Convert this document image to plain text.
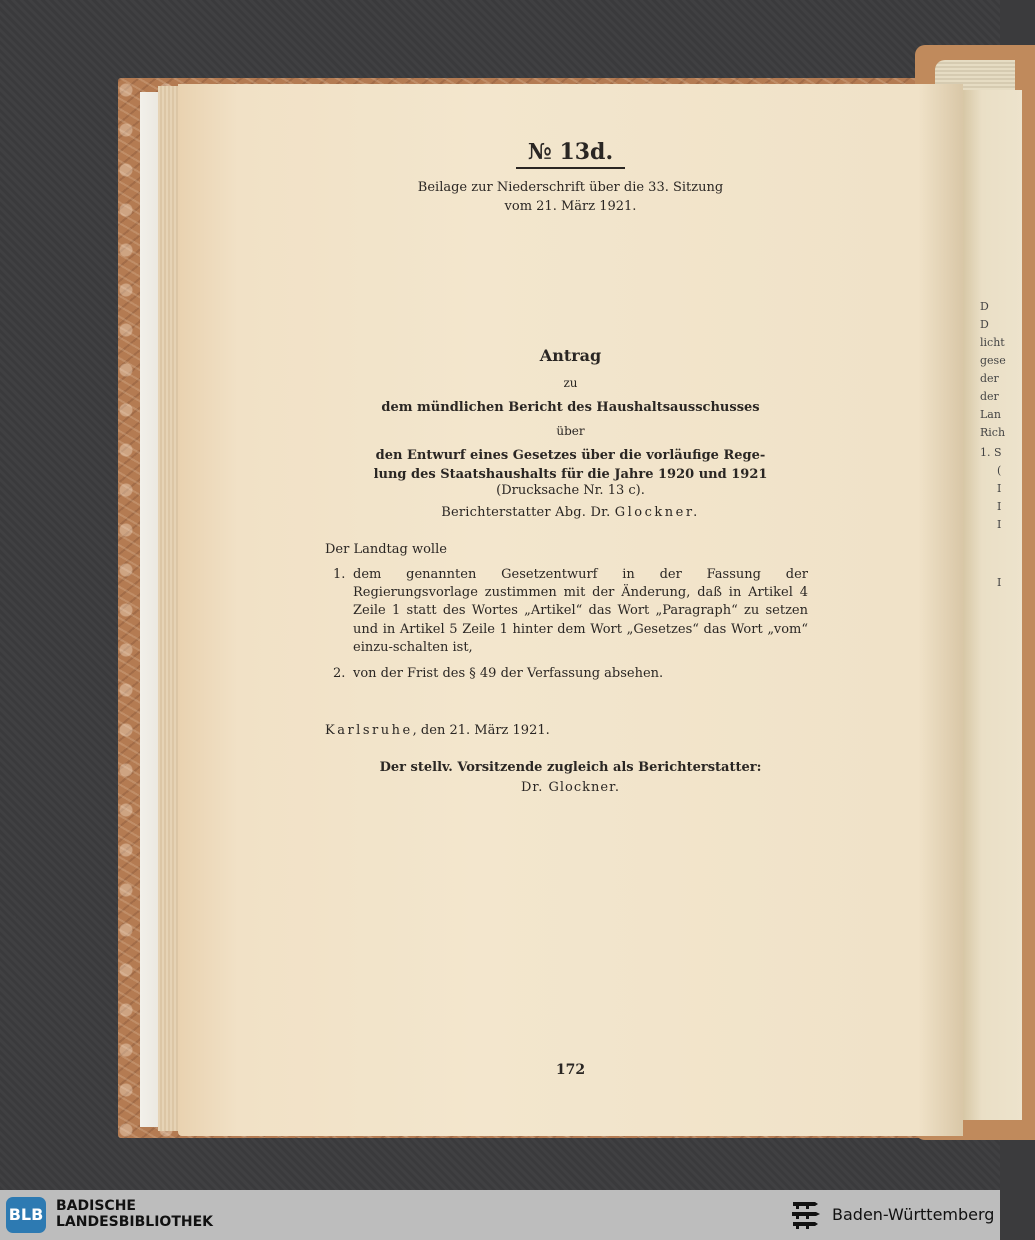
D
D
licht
gese
der
der
Lan
Rich
1. S
(
I
I
I
I
№ 13d.
Beilage zur Niederschrift über die 33. Sitzung
vom 21. März 1921.
Antrag
zu
dem mündlichen Bericht des Haushaltsausschusses
über
den Entwurf eines Gesetzes über die vorläufige Rege-
lung des Staatshaushalts für die Jahre 1920 und 1921
(Drucksache Nr. 13 c).
Berichterstatter Abg. Dr. Glockner.
Der Landtag wolle
1. dem genannten Gesetzentwurf in der Fassung der Regierungsvorlage zustimmen mit der Änderung, daß in Artikel 4 Zeile 1 statt des Wortes „Artikel“ das Wort „Paragraph“ zu setzen und in Artikel 5 Zeile 1 hinter dem Wort „Gesetzes“ das Wort „vom“ einzu-schalten ist,
2. von der Frist des § 49 der Verfassung absehen.
Karlsruhe, den 21. März 1921.
Der stellv. Vorsitzende zugleich als Berichterstatter:
Dr. Glockner.
172
BLB BADISCHE
LANDESBIBLIOTHEK	Baden-Württemberg
